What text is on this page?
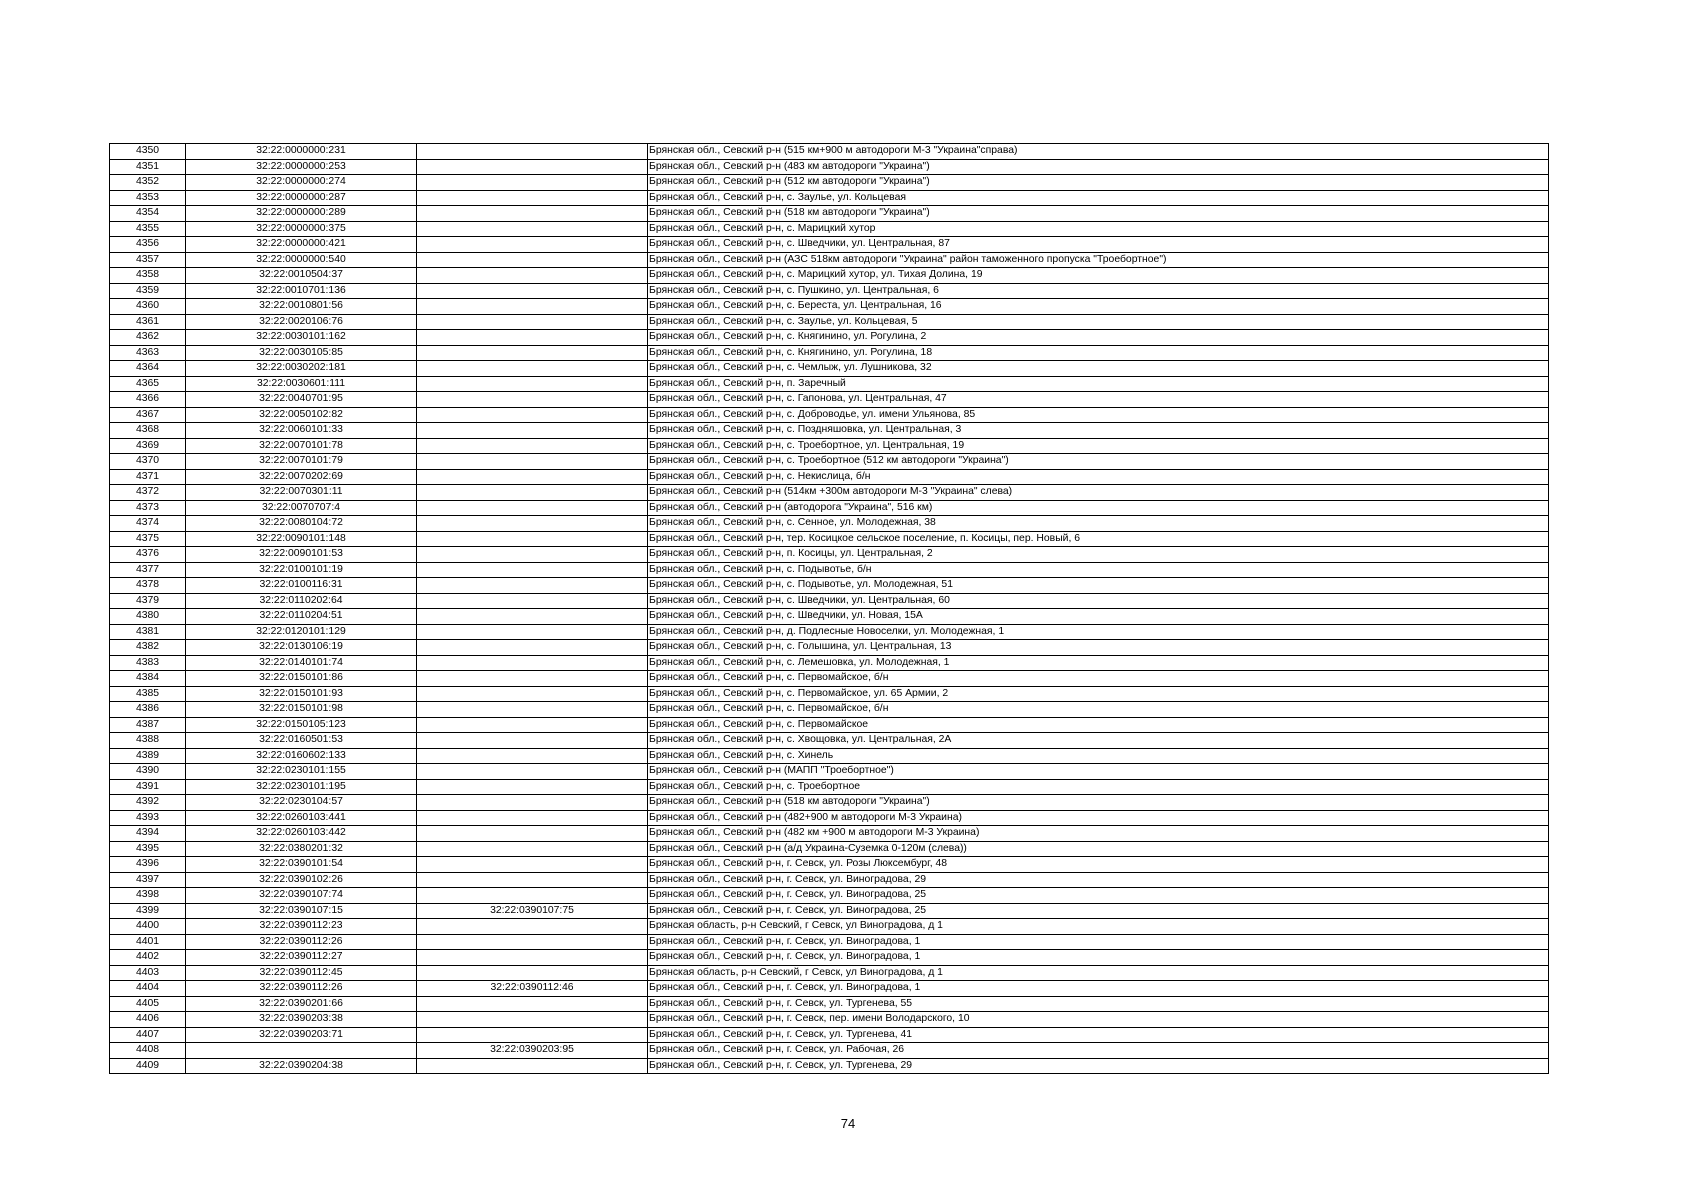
4350	32:22:0000000:231		Брянская обл., Севский р-н (515 км+900 м автодороги М-3 "Украина"справа)
4351	32:22:0000000:253		Брянская обл., Севский р-н (483 км автодороги "Украина")
4352	32:22:0000000:274		Брянская обл., Севский р-н (512 км автодороги "Украина")
4353	32:22:0000000:287		Брянская обл., Севский р-н, с. Заулье, ул. Кольцевая
4354	32:22:0000000:289		Брянская обл., Севский р-н (518 км автодороги "Украина")
4355	32:22:0000000:375		Брянская обл., Севский р-н, с. Марицкий хутор
4356	32:22:0000000:421		Брянская обл., Севский р-н, с. Шведчики, ул. Центральная, 87
4357	32:22:0000000:540		Брянская обл., Севский р-н (АЗС 518км автодороги "Украина" район таможенного пропуска "Троебортное")
4358	32:22:0010504:37		Брянская обл., Севский р-н, с. Марицкий хутор, ул. Тихая Долина, 19
4359	32:22:0010701:136		Брянская обл., Севский р-н, с. Пушкино, ул. Центральная, 6
4360	32:22:0010801:56		Брянская обл., Севский р-н, с. Береста, ул. Центральная, 16
4361	32:22:0020106:76		Брянская обл., Севский р-н, с. Заулье, ул. Кольцевая, 5
4362	32:22:0030101:162		Брянская обл., Севский р-н, с. Княгинино, ул. Рогулина, 2
4363	32:22:0030105:85		Брянская обл., Севский р-н, с. Княгинино, ул. Рогулина, 18
4364	32:22:0030202:181		Брянская обл., Севский р-н, с. Чемлыж, ул. Лушникова, 32
4365	32:22:0030601:111		Брянская обл., Севский р-н, п. Заречный
4366	32:22:0040701:95		Брянская обл., Севский р-н, с. Гапонова, ул. Центральная, 47
4367	32:22:0050102:82		Брянская обл., Севский р-н, с. Доброводье, ул. имени Ульянова, 85
4368	32:22:0060101:33		Брянская обл., Севский р-н, с. Поздняшовка, ул. Центральная, 3
4369	32:22:0070101:78		Брянская обл., Севский р-н, с. Троебортное, ул. Центральная, 19
4370	32:22:0070101:79		Брянская обл., Севский р-н, с. Троебортное (512 км автодороги "Украина")
4371	32:22:0070202:69		Брянская обл., Севский р-н, с. Некислица, б/н
4372	32:22:0070301:11		Брянская обл., Севский р-н (514км +300м автодороги М-3 "Украина" слева)
4373	32:22:0070707:4		Брянская обл., Севский р-н (автодорога "Украина", 516 км)
4374	32:22:0080104:72		Брянская обл., Севский р-н, с. Сенное, ул. Молодежная, 38
4375	32:22:0090101:148		Брянская обл., Севский р-н, тер. Косицкое сельское поселение, п. Косицы, пер. Новый, 6
4376	32:22:0090101:53		Брянская обл., Севский р-н, п. Косицы, ул. Центральная, 2
4377	32:22:0100101:19		Брянская обл., Севский р-н, с. Подывотье, б/н
4378	32:22:0100116:31		Брянская обл., Севский р-н, с. Подывотье, ул. Молодежная, 51
4379	32:22:0110202:64		Брянская обл., Севский р-н, с. Шведчики, ул. Центральная, 60
4380	32:22:0110204:51		Брянская обл., Севский р-н, с. Шведчики, ул. Новая, 15А
4381	32:22:0120101:129		Брянская обл., Севский р-н, д. Подлесные Новоселки, ул. Молодежная, 1
4382	32:22:0130106:19		Брянская обл., Севский р-н, с. Голышина, ул. Центральная, 13
4383	32:22:0140101:74		Брянская обл., Севский р-н, с. Лемешовка, ул. Молодежная, 1
4384	32:22:0150101:86		Брянская обл., Севский р-н, с. Первомайское, б/н
4385	32:22:0150101:93		Брянская обл., Севский р-н, с. Первомайское, ул. 65 Армии, 2
4386	32:22:0150101:98		Брянская обл., Севский р-н, с. Первомайское, б/н
4387	32:22:0150105:123		Брянская обл., Севский р-н, с. Первомайское
4388	32:22:0160501:53		Брянская обл., Севский р-н, с. Хвощовка, ул. Центральная, 2А
4389	32:22:0160602:133		Брянская обл., Севский р-н, с. Хинель
4390	32:22:0230101:155		Брянская обл., Севский р-н (МАПП "Троебортное")
4391	32:22:0230101:195		Брянская обл., Севский р-н, с. Троебортное
4392	32:22:0230104:57		Брянская обл., Севский р-н (518 км автодороги "Украина")
4393	32:22:0260103:441		Брянская обл., Севский р-н (482+900 м автодороги М-3 Украина)
4394	32:22:0260103:442		Брянская обл., Севский р-н (482 км +900 м автодороги М-3 Украина)
4395	32:22:0380201:32		Брянская обл., Севский р-н (а/д Украина-Суземка 0-120м (слева))
4396	32:22:0390101:54		Брянская обл., Севский р-н, г. Севск, ул. Розы Люксембург, 48
4397	32:22:0390102:26		Брянская обл., Севский р-н, г. Севск, ул. Виноградова, 29
4398	32:22:0390107:74		Брянская обл., Севский р-н, г. Севск, ул. Виноградова, 25
4399	32:22:0390107:15	32:22:0390107:75	Брянская обл., Севский р-н, г. Севск, ул. Виноградова, 25
4400	32:22:0390112:23		Брянская область, р-н Севский, г Севск, ул Виноградова, д 1
4401	32:22:0390112:26		Брянская обл., Севский р-н, г. Севск, ул. Виноградова, 1
4402	32:22:0390112:27		Брянская обл., Севский р-н, г. Севск, ул. Виноградова, 1
4403	32:22:0390112:45		Брянская область, р-н Севский, г Севск, ул Виноградова, д 1
4404	32:22:0390112:26	32:22:0390112:46	Брянская обл., Севский р-н, г. Севск, ул. Виноградова, 1
4405	32:22:0390201:66		Брянская обл., Севский р-н, г. Севск, ул. Тургенева, 55
4406	32:22:0390203:38		Брянская обл., Севский р-н, г. Севск, пер. имени Володарского, 10
4407	32:22:0390203:71		Брянская обл., Севский р-н, г. Севск, ул. Тургенева, 41
4408		32:22:0390203:95	Брянская обл., Севский р-н, г. Севск, ул. Рабочая, 26
4409	32:22:0390204:38		Брянская обл., Севский р-н, г. Севск, ул. Тургенева, 29
74
